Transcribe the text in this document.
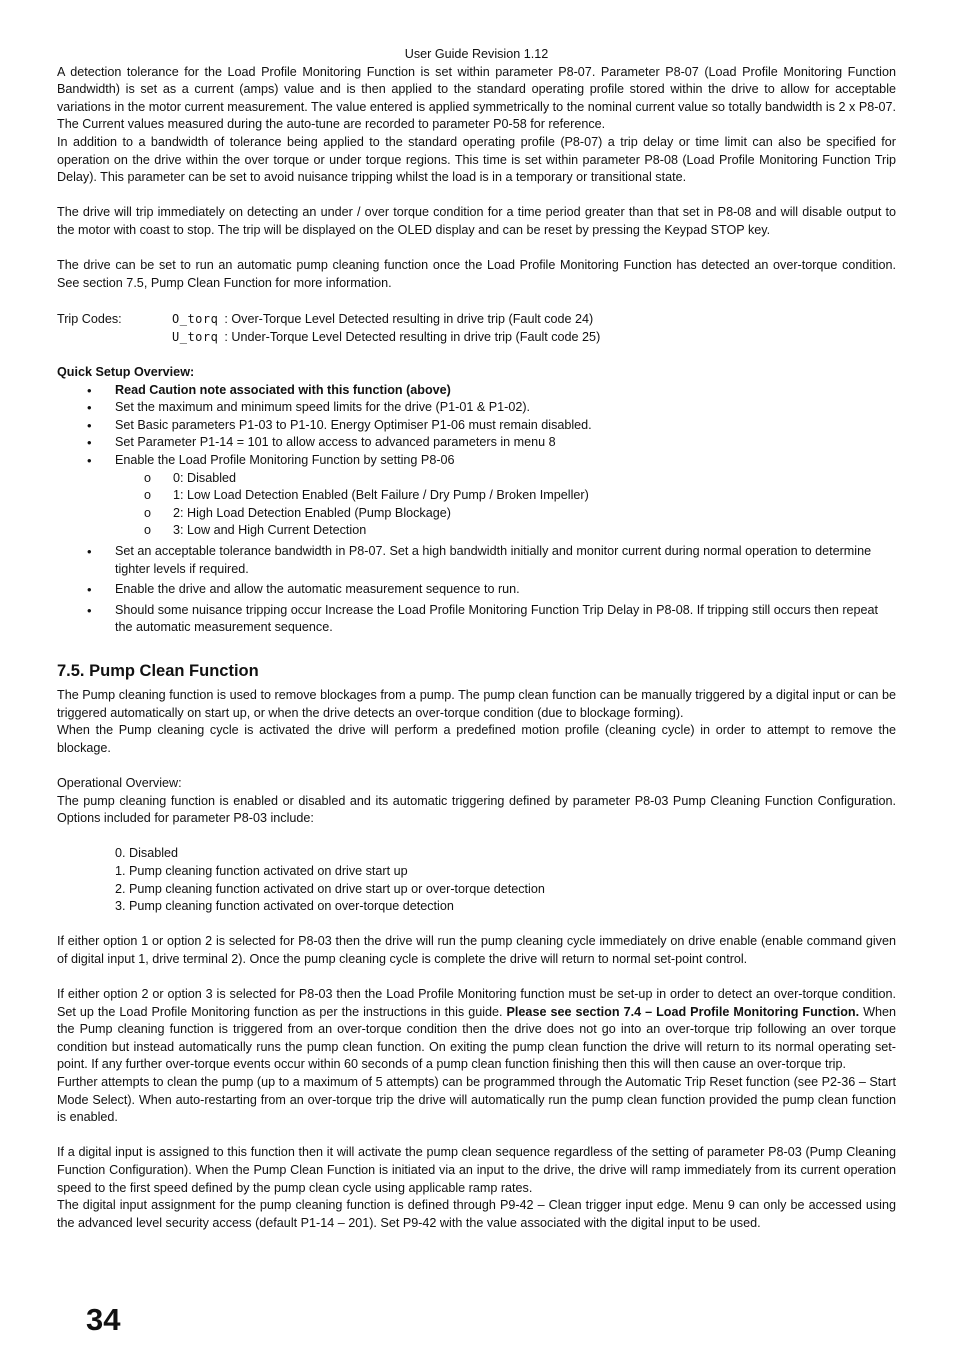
User Guide Revision 1.12

A detection tolerance for the Load Profile Monitoring Function is set within parameter P8-07. Parameter P8-07 (Load Profile Monitoring Function Bandwidth) is set as a current (amps) value and is then applied to the standard operating profile stored within the drive to allow for acceptable variations in the motor current measurement. The value entered is applied symmetrically to the nominal current value so totally bandwidth is 2 x P8-07. The Current values measured during the auto-tune are recorded to parameter P0-58 for reference.

In addition to a bandwidth of tolerance being applied to the standard operating profile (P8-07) a trip delay or time limit can also be specified for operation on the drive within the over torque or under torque regions. This time is set within parameter P8-08 (Load Profile Monitoring Function Trip Delay). This parameter can be set to avoid nuisance tripping whilst the load is in a temporary or transitional state.

The drive will trip immediately on detecting an under / over torque condition for a time period greater than that set in P8-08 and will disable output to the motor with coast to stop. The trip will be displayed on the OLED display and can be reset by pressing the Keypad STOP key.

The drive can be set to run an automatic pump cleaning function once the Load Profile Monitoring Function has detected an over-torque condition. See section 7.5, Pump Clean Function for more information.

Trip Codes:	O_torq : Over-Torque Level Detected resulting in drive trip (Fault code 24)
U_torq : Under-Torque Level Detected resulting in drive trip (Fault code 25)
Quick Setup Overview:
• Read Caution note associated with this function (above)
• Set the maximum and minimum speed limits for the drive (P1-01 & P1-02).
• Set Basic parameters P1-03 to P1-10. Energy Optimiser P1-06 must remain disabled.
• Set Parameter P1-14 = 101 to allow access to advanced parameters in menu 8
• Enable the Load Profile Monitoring Function by setting P8-06
o 0: Disabled
o 1: Low Load Detection Enabled (Belt Failure / Dry Pump / Broken Impeller)
o 2: High Load Detection Enabled (Pump Blockage)
o 3: Low and High Current Detection
• Set an acceptable tolerance bandwidth in P8-07. Set a high bandwidth initially and monitor current during normal operation to determine tighter levels if required.
• Enable the drive and allow the automatic measurement sequence to run.
• Should some nuisance tripping occur Increase the Load Profile Monitoring Function Trip Delay in P8-08. If tripping still occurs then repeat the automatic measurement sequence.
7.5. Pump Clean Function

The Pump cleaning function is used to remove blockages from a pump. The pump clean function can be manually triggered by a digital input or can be triggered automatically on start up, or when the drive detects an over-torque condition (due to blockage forming).

When the Pump cleaning cycle is activated the drive will perform a predefined motion profile (cleaning cycle) in order to attempt to remove the blockage.

Operational Overview:

The pump cleaning function is enabled or disabled and its automatic triggering defined by parameter P8-03 Pump Cleaning Function Configuration. Options included for parameter P8-03 include:

0. Disabled
1. Pump cleaning function activated on drive start up
2. Pump cleaning function activated on drive start up or over-torque detection
3. Pump cleaning function activated on over-torque detection

If either option 1 or option 2 is selected for P8-03 then the drive will run the pump cleaning cycle immediately on drive enable (enable command given of digital input 1, drive terminal 2). Once the pump cleaning cycle is complete the drive will return to normal set-point control.

If either option 2 or option 3 is selected for P8-03 then the Load Profile Monitoring function must be set-up in order to detect an over-torque condition. Set up the Load Profile Monitoring function as per the instructions in this guide. Please see section 7.4 – Load Profile Monitoring Function. When the Pump cleaning function is triggered from an over-torque condition then the drive does not go into an over-torque trip following an over torque condition but instead automatically runs the pump clean function. On exiting the pump clean function the drive will return to its normal operating set-point. If any further over-torque events occur within 60 seconds of a pump clean function finishing then this will then cause an over-torque trip.

Further attempts to clean the pump (up to a maximum of 5 attempts) can be programmed through the Automatic Trip Reset function (see P2-36 – Start Mode Select). When auto-restarting from an over-torque trip the drive will automatically run the pump clean function provided the pump clean function is enabled.

If a digital input is assigned to this function then it will activate the pump clean sequence regardless of the setting of parameter P8-03 (Pump Cleaning Function Configuration). When the Pump Clean Function is initiated via an input to the drive, the drive will ramp immediately from its current operation speed to the first speed defined by the pump clean cycle using applicable ramp rates.

The digital input assignment for the pump cleaning function is defined through P9-42 – Clean trigger input edge. Menu 9 can only be accessed using the advanced level security access (default P1-14 – 201). Set P9-42 with the value associated with the digital input to be used.

34
